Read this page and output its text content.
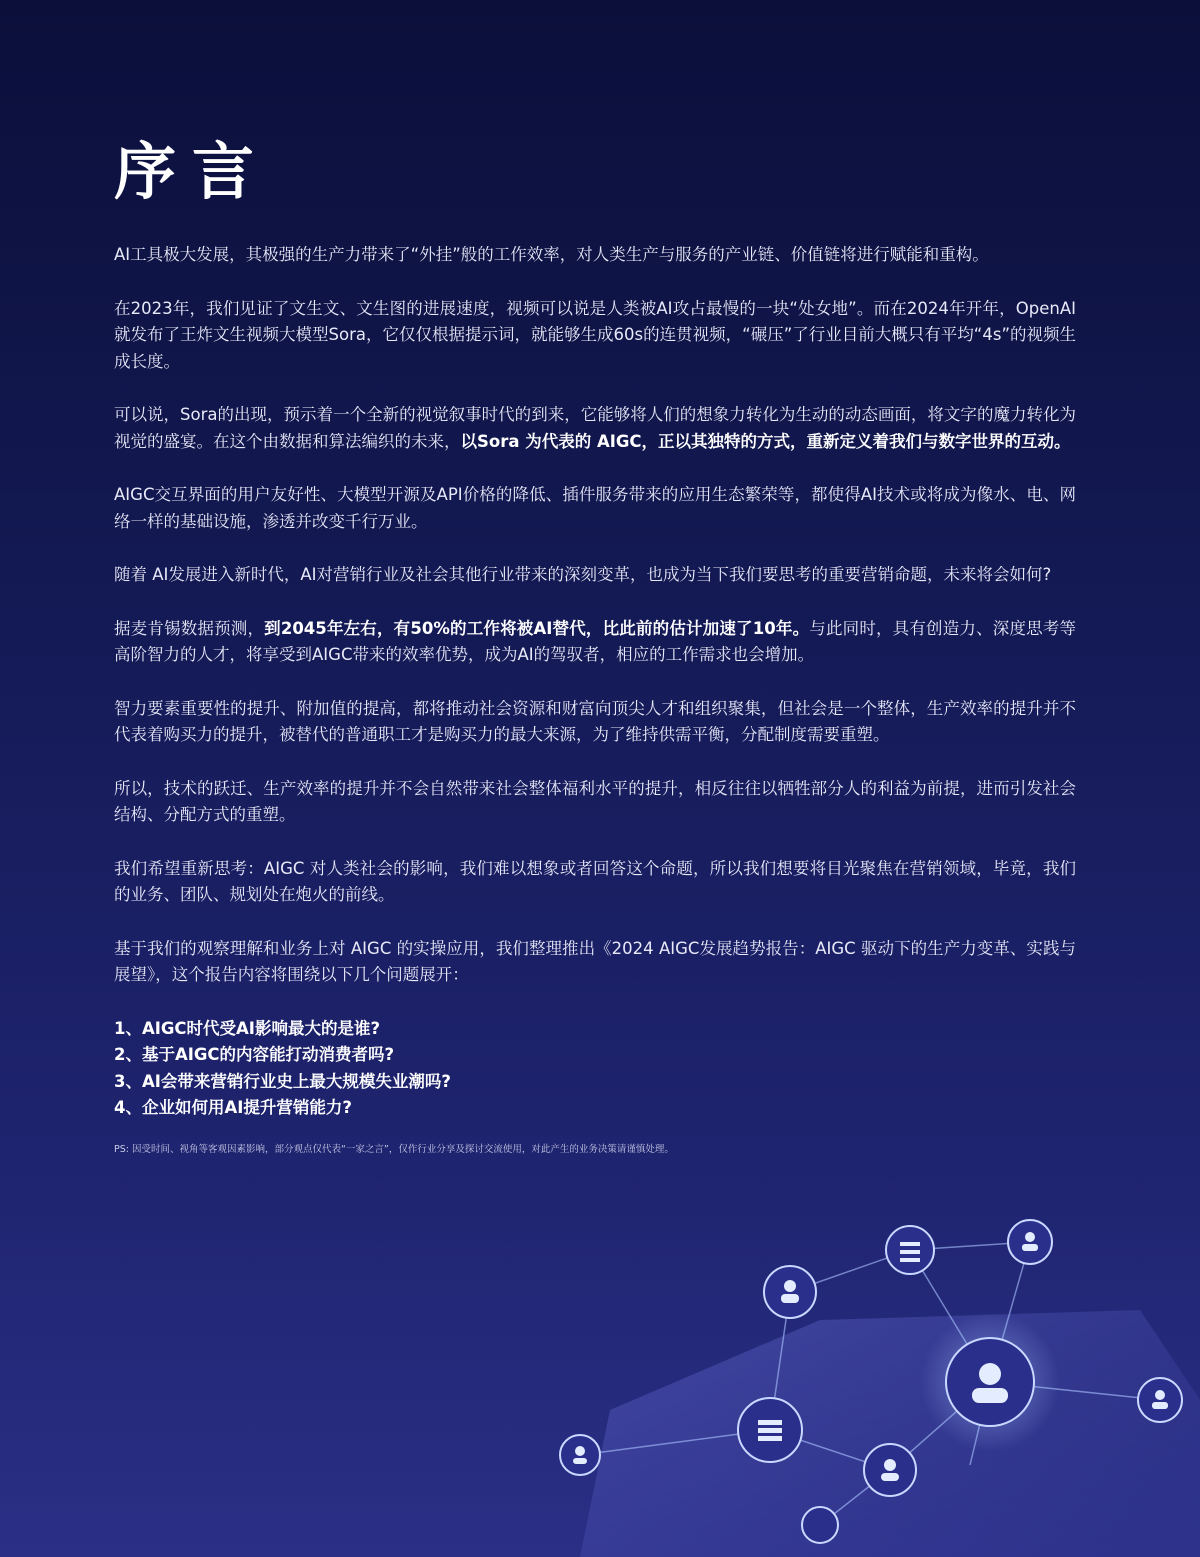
序言

AI工具极大发展，其极强的生产力带来了“外挂”般的工作效率，对人类生产与服务的产业链、价值链将进行赋能和重构。

在2023年，我们见证了文生文、文生图的进展速度，视频可以说是人类被AI攻占最慢的一块“处女地”。而在2024年开年，OpenAI就发布了王炸文生视频大模型Sora，它仅仅根据提示词，就能够生成60s的连贯视频，“碾压”了行业目前大概只有平均“4s”的视频生成长度。

可以说，Sora的出现，预示着一个全新的视觉叙事时代的到来，它能够将人们的想象力转化为生动的动态画面，将文字的魔力转化为视觉的盛宴。在这个由数据和算法编织的未来，以Sora 为代表的 AIGC，正以其独特的方式，重新定义着我们与数字世界的互动。

AIGC交互界面的用户友好性、大模型开源及API价格的降低、插件服务带来的应用生态繁荣等，都使得AI技术或将成为像水、电、网络一样的基础设施，渗透并改变千行万业。

随着 AI发展进入新时代，AI对营销行业及社会其他行业带来的深刻变革，也成为当下我们要思考的重要营销命题，未来将会如何?

据麦肯锡数据预测，到2045年左右，有50%的工作将被AI替代，比此前的估计加速了10年。与此同时，具有创造力、深度思考等高阶智力的人才，将享受到AIGC带来的效率优势，成为AI的驾驭者，相应的工作需求也会增加。

智力要素重要性的提升、附加值的提高，都将推动社会资源和财富向顶尖人才和组织聚集，但社会是一个整体，生产效率的提升并不代表着购买力的提升，被替代的普通职工才是购买力的最大来源，为了维持供需平衡，分配制度需要重塑。

所以，技术的跃迁、生产效率的提升并不会自然带来社会整体福利水平的提升，相反往往以牺牲部分人的利益为前提，进而引发社会结构、分配方式的重塑。

我们希望重新思考：AIGC 对人类社会的影响，我们难以想象或者回答这个命题，所以我们想要将目光聚焦在营销领域，毕竟，我们的业务、团队、规划处在炮火的前线。

基于我们的观察理解和业务上对 AIGC 的实操应用，我们整理推出《2024 AIGC发展趋势报告：AIGC 驱动下的生产力变革、实践与展望》，这个报告内容将围绕以下几个问题展开：

1、AIGC时代受AI影响最大的是谁?
2、基于AIGC的内容能打动消费者吗?
3、AI会带来营销行业史上最大规模失业潮吗?
4、企业如何用AI提升营销能力?
PS: 因受时间、视角等客观因素影响，部分观点仅代表“一家之言”，仅作行业分享及探讨交流使用，对此产生的业务决策请谨慎处理。
